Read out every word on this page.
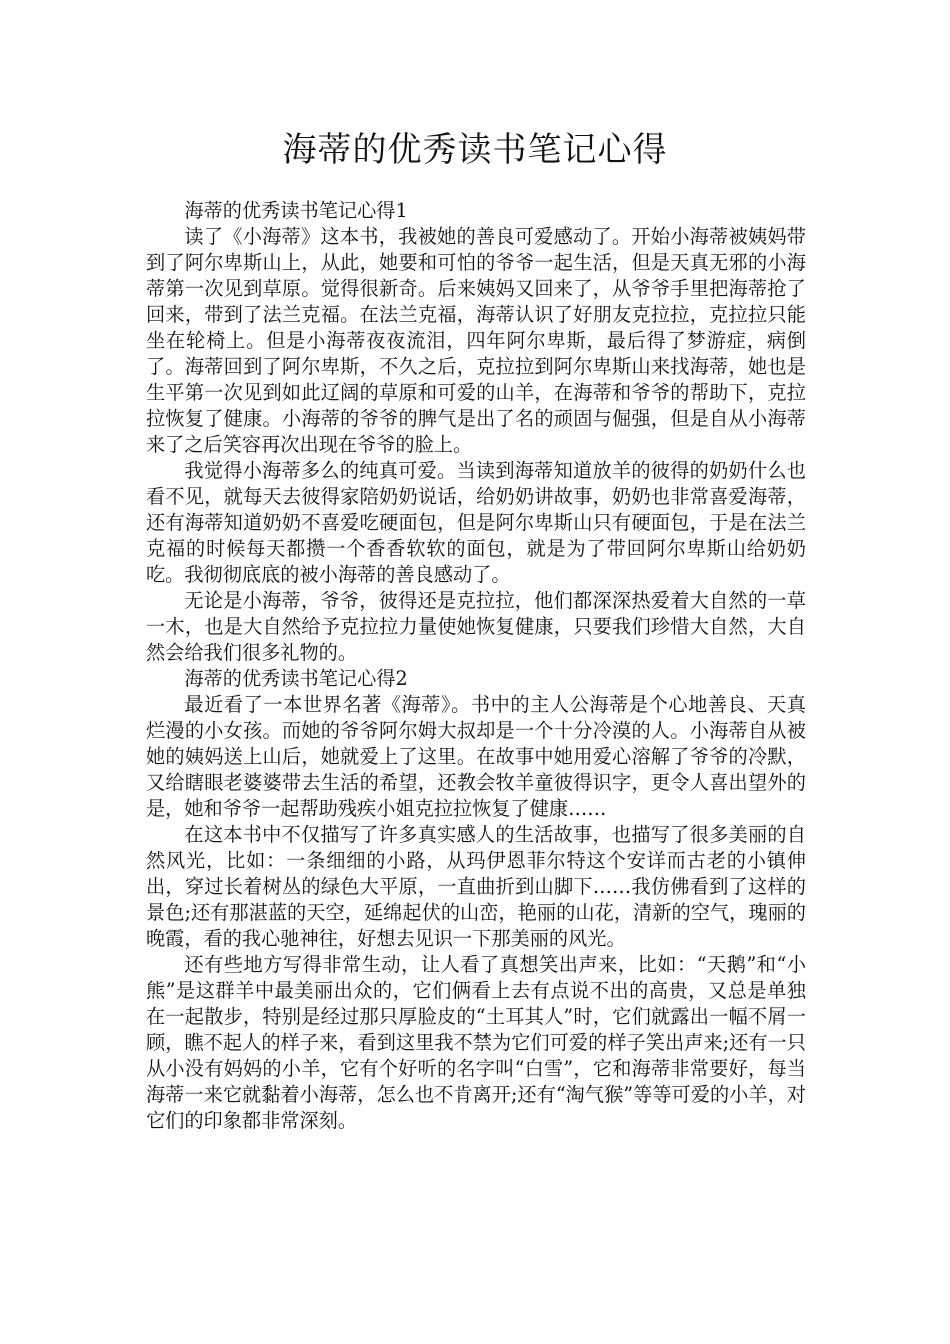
海蒂的优秀读书笔记心得

海蒂的优秀读书笔记心得1

读了《小海蒂》这本书，我被她的善良可爱感动了。开始小海蒂被姨妈带到了阿尔卑斯山上，从此，她要和可怕的爷爷一起生活，但是天真无邪的小海蒂第一次见到草原。觉得很新奇。后来姨妈又回来了，从爷爷手里把海蒂抢了回来，带到了法兰克福。在法兰克福，海蒂认识了好朋友克拉拉，克拉拉只能坐在轮椅上。但是小海蒂夜夜流泪，四年阿尔卑斯，最后得了梦游症，病倒了。海蒂回到了阿尔卑斯，不久之后，克拉拉到阿尔卑斯山来找海蒂，她也是生平第一次见到如此辽阔的草原和可爱的山羊，在海蒂和爷爷的帮助下，克拉拉恢复了健康。小海蒂的爷爷的脾气是出了名的顽固与倔强，但是自从小海蒂来了之后笑容再次出现在爷爷的脸上。

我觉得小海蒂多么的纯真可爱。当读到海蒂知道放羊的彼得的奶奶什么也看不见，就每天去彼得家陪奶奶说话，给奶奶讲故事，奶奶也非常喜爱海蒂，还有海蒂知道奶奶不喜爱吃硬面包，但是阿尔卑斯山只有硬面包，于是在法兰克福的时候每天都攒一个香香软软的面包，就是为了带回阿尔卑斯山给奶奶吃。我彻彻底底的被小海蒂的善良感动了。

无论是小海蒂，爷爷，彼得还是克拉拉，他们都深深热爱着大自然的一草一木，也是大自然给予克拉拉力量使她恢复健康，只要我们珍惜大自然，大自然会给我们很多礼物的。

海蒂的优秀读书笔记心得2

最近看了一本世界名著《海蒂》。书中的主人公海蒂是个心地善良、天真烂漫的小女孩。而她的爷爷阿尔姆大叔却是一个十分冷漠的人。小海蒂自从被她的姨妈送上山后，她就爱上了这里。在故事中她用爱心溶解了爷爷的冷默，又给瞎眼老婆婆带去生活的希望，还教会牧羊童彼得识字，更令人喜出望外的是，她和爷爷一起帮助残疾小姐克拉拉恢复了健康……

在这本书中不仅描写了许多真实感人的生活故事，也描写了很多美丽的自然风光，比如：一条细细的小路，从玛伊恩菲尔特这个安详而古老的小镇伸出，穿过长着树丛的绿色大平原，一直曲折到山脚下……我仿佛看到了这样的景色;还有那湛蓝的天空，延绵起伏的山峦，艳丽的山花，清新的空气，瑰丽的晚霞，看的我心驰神往，好想去见识一下那美丽的风光。

还有些地方写得非常生动，让人看了真想笑出声来，比如：“天鹅”和“小熊”是这群羊中最美丽出众的，它们俩看上去有点说不出的高贵，又总是单独在一起散步，特别是经过那只厚脸皮的“土耳其人”时，它们就露出一幅不屑一顾，瞧不起人的样子来，看到这里我不禁为它们可爱的样子笑出声来;还有一只从小没有妈妈的小羊，它有个好听的名字叫“白雪”，它和海蒂非常要好，每当海蒂一来它就黏着小海蒂，怎么也不肯离开;还有“淘气猴”等等可爱的小羊，对它们的印象都非常深刻。
